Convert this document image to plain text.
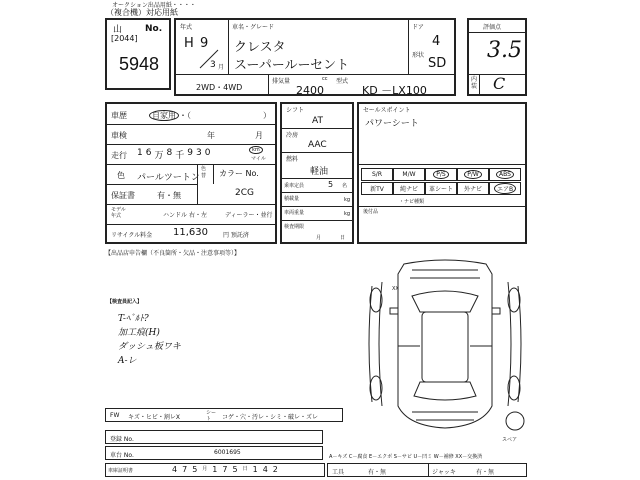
オークション出品用紙・・・・
（複合機）対応用紙
山	No.
[2044]
5948
年式
H 9
3 月
車名・グレード
クレスタ
スーパールーセント
ドア
4
形状
SD
2WD・4WD
排気量
2400
cc 型式
KD －LX100
評価点
3.5
内装 C
車歴	自家用 ・（　　　　　　　　　）
車検	年	月
走行 1 6 万 8 千 9 3 0	km
マイル
色 パールツートン
色替	カラー No.
保証書	有・無	2CG
モデル年式	ハンドル 右・左	ディーラー・並行
リサイクル料金 11,630	円 預託済
シフト
AT
冷房
AAC
燃料
軽油
乗車定員	5 名
積載量	kg
車両重量	kg
検査期限
月	日
セールスポイント
パワーシート
S/R	M/W	P/S	P/W	ABS
新TV	純ナビ 革シート 外ナビ	エアB
・ナビ種類
後付品
【出品店申告欄（不良箇所・欠品・注意事項等）】
【検査員記入】
T-ﾍﾞﾙﾄ?
加工痕(H)
ダッシュ板ワキ
A-レ
XX
スペア
FW キズ・ヒビ・割レX
シート	コゲ・穴・汚レ・シミ・破レ・ズレ
登録 No.
車台 No.	6001695
車庫証明書	4 7 5 月 1 7 5 日 1 4 2
A－キズ C－腐食 E－エクボ S－サビ U－凹ミ W－補修 XX－交換済
工具	有・無	ジャッキ	有・無
